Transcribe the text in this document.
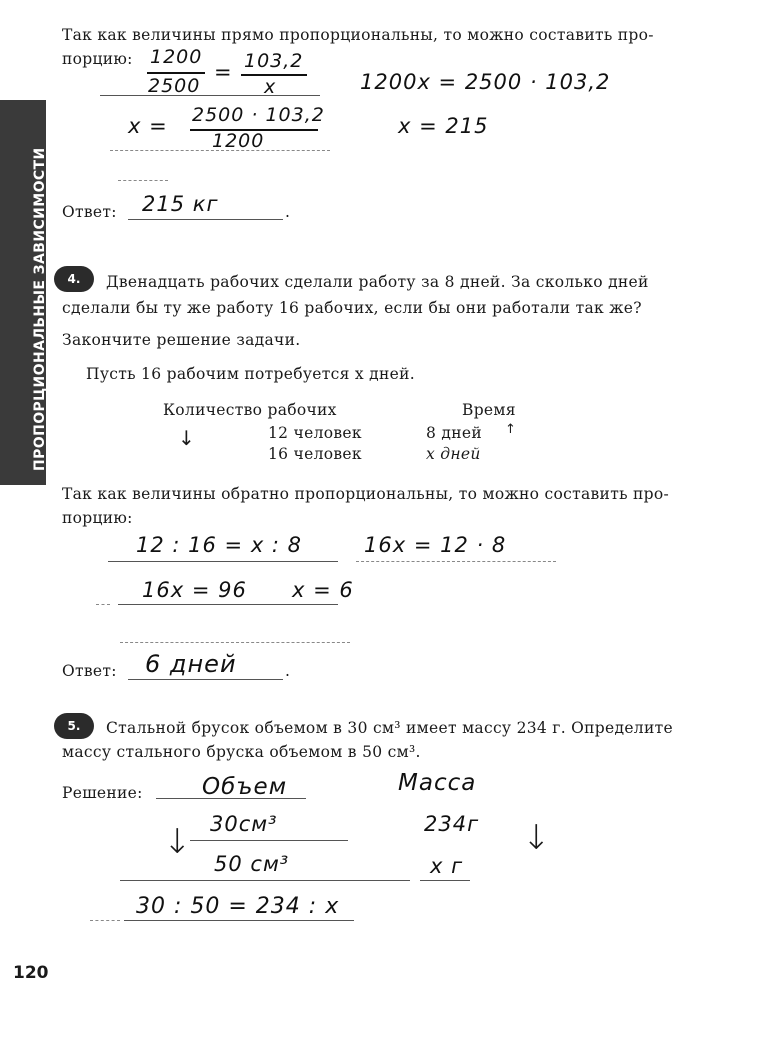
ПРОПОРЦИОНАЛЬНЫЕ ЗАВИСИМОСТИ
Так как величины прямо пропорциональны, то можно составить про-
порцию: 1200
2500
= 103,2
x	1200x = 2500 · 103,2
x = 2500 · 103,2
1200
x = 215
Ответ: 215 кг	.
4.	Двенадцать рабочих сделали работу за 8 дней. За сколько дней
сделали бы ту же работу 16 рабочих, если бы они работали так же?
Закончите решение задачи.
Пусть 16 рабочим потребуется x дней.
Количество рабочих	Время
↓	12 человек	8 дней ↑
16 человек	x дней
Так как величины обратно пропорциональны, то можно составить про-
порцию:
12 : 16 = x : 8	16x = 12 · 8
16x = 96 x = 6
Ответ: 6 дней	.
5.	Стальной брусок объемом в 30 см³ имеет массу 234 г. Определите
массу стального бруска объемом в 50 см³.
Решение:	Объем	Масса
↓ 30см³	234г ↓
50 см³	x г
30 : 50 = 234 : x
120
